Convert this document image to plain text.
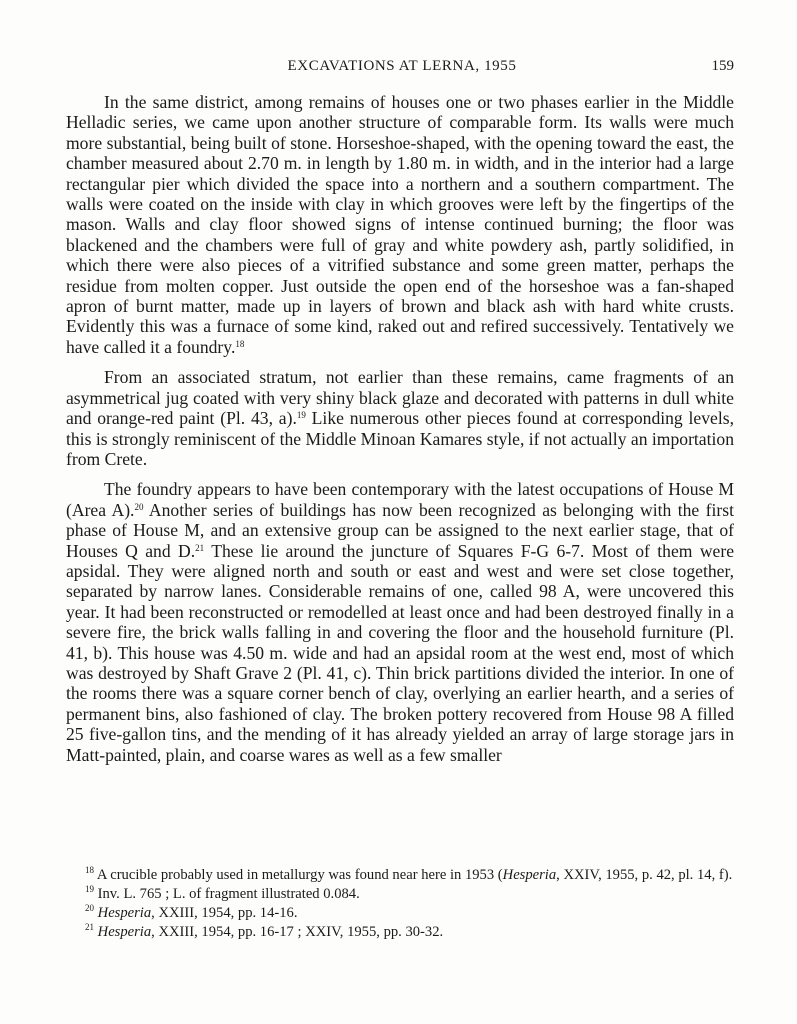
EXCAVATIONS AT LERNA, 1955	159

In the same district, among remains of houses one or two phases earlier in the Middle Helladic series, we came upon another structure of comparable form. Its walls were much more substantial, being built of stone. Horseshoe-shaped, with the opening toward the east, the chamber measured about 2.70 m. in length by 1.80 m. in width, and in the interior had a large rectangular pier which divided the space into a northern and a southern compartment. The walls were coated on the inside with clay in which grooves were left by the fingertips of the mason. Walls and clay floor showed signs of intense continued burning; the floor was blackened and the chambers were full of gray and white powdery ash, partly solidified, in which there were also pieces of a vitrified substance and some green matter, perhaps the residue from molten copper. Just outside the open end of the horseshoe was a fan-shaped apron of burnt matter, made up in layers of brown and black ash with hard white crusts. Evidently this was a furnace of some kind, raked out and refired successively. Tentatively we have called it a foundry.$^{18}$

From an associated stratum, not earlier than these remains, came fragments of an asymmetrical jug coated with very shiny black glaze and decorated with patterns in dull white and orange-red paint (Pl. 43, a).$^{19}$ Like numerous other pieces found at corresponding levels, this is strongly reminiscent of the Middle Minoan Kamares style, if not actually an importation from Crete.

The foundry appears to have been contemporary with the latest occupations of House M (Area A).$^{20}$ Another series of buildings has now been recognized as belonging with the first phase of House M, and an extensive group can be assigned to the next earlier stage, that of Houses Q and D.$^{21}$ These lie around the juncture of Squares F-G 6-7. Most of them were apsidal. They were aligned north and south or east and west and were set close together, separated by narrow lanes. Considerable remains of one, called 98 A, were uncovered this year. It had been reconstructed or remodelled at least once and had been destroyed finally in a severe fire, the brick walls falling in and covering the floor and the household furniture (Pl. 41, b). This house was 4.50 m. wide and had an apsidal room at the west end, most of which was destroyed by Shaft Grave 2 (Pl. 41, c). Thin brick partitions divided the interior. In one of the rooms there was a square corner bench of clay, overlying an earlier hearth, and a series of permanent bins, also fashioned of clay. The broken pottery recovered from House 98 A filled 25 five-gallon tins, and the mending of it has already yielded an array of large storage jars in Matt-painted, plain, and coarse wares as well as a few smaller

$^{18}$ A crucible probably used in metallurgy was found near here in 1953 (Hesperia, XXIV, 1955, p. 42, pl. 14, f).
$^{19}$ Inv. L. 765 ; L. of fragment illustrated 0.084.
$^{20}$ Hesperia, XXIII, 1954, pp. 14-16.
$^{21}$ Hesperia, XXIII, 1954, pp. 16-17 ; XXIV, 1955, pp. 30-32.
